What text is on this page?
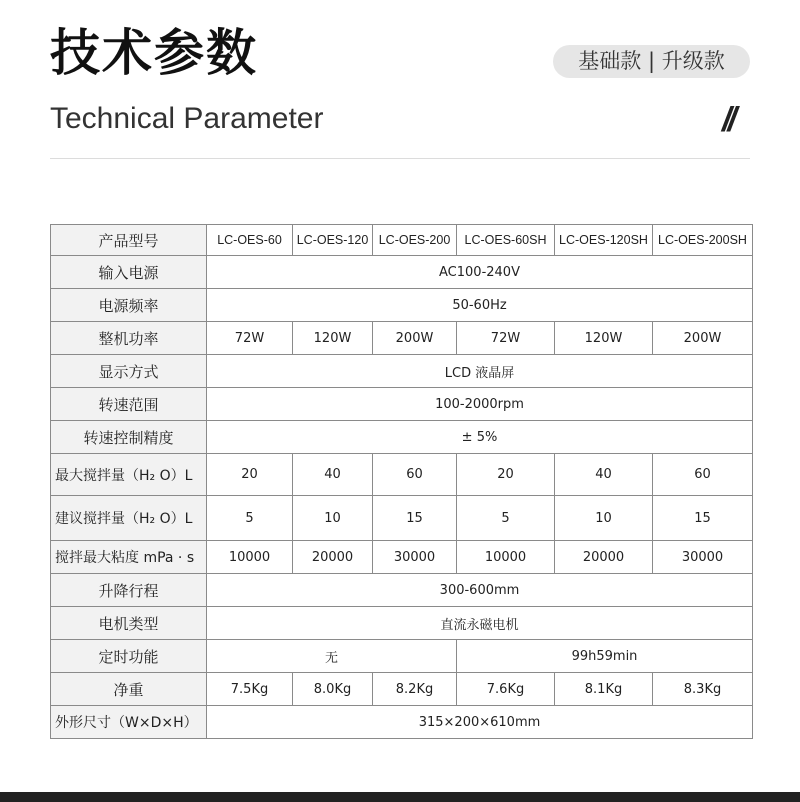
技术参数
Technical Parameter
基础款 | 升级款
//
产品型号	LC-OES-60	LC-OES-120	LC-OES-200	LC-OES-60SH	LC-OES-120SH	LC-OES-200SH
输入电源	AC100-240V					
电源频率	50-60Hz					
整机功率	72W	120W	200W	72W	120W	200W
显示方式	LCD 液晶屏					
转速范围	100-2000rpm					
转速控制精度	± 5%					
最大搅拌量（H₂ O）L	20	40	60	20	40	60
建议搅拌量（H₂ O）L	5	10	15	5	10	15
搅拌最大粘度 mPa · s	10000	20000	30000	10000	20000	30000
升降行程	300-600mm					
电机类型	直流永磁电机					
定时功能	无			99h59min		
净重	7.5Kg	8.0Kg	8.2Kg	7.6Kg	8.1Kg	8.3Kg
外形尺寸（W×D×H）	315×200×610mm					
